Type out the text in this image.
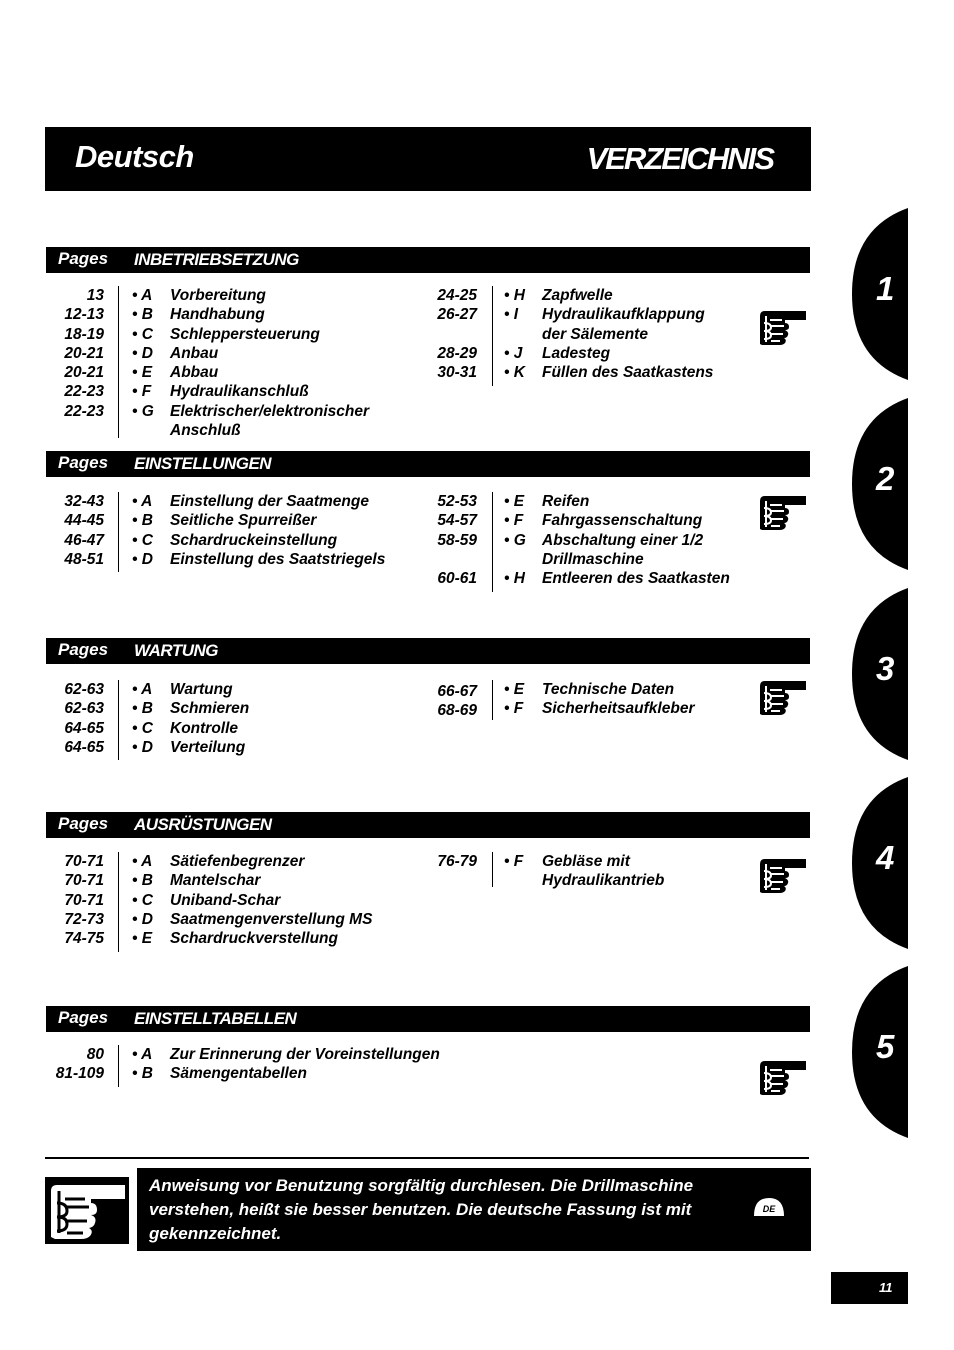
Deutsch	VERZEICHNIS
Pages INBETRIEBSETZUNG
13
12-13
18-19
20-21
20-21
22-23
22-23
• A Vorbereitung
• B Handhabung
• C Schleppersteuerung
• D Anbau
• E Abbau
• F Hydraulikanschluß
• G Elektrischer/elektronischer
Anschluß
24-25
26-27
28-29
30-31
• H Zapfwelle
• I Hydraulikaufklappung
der Sälemente
• J Ladesteg
• K Füllen des Saatkastens
Pages EINSTELLUNGEN
32-43
44-45
46-47
48-51
• A Einstellung der Saatmenge
• B Seitliche Spurreißer
• C Schardruckeinstellung
• D Einstellung des Saatstriegels
52-53
54-57
58-59
60-61
• E Reifen
• F Fahrgassenschaltung
• G Abschaltung einer 1/2
Drillmaschine
• H Entleeren des Saatkasten
Pages WARTUNG
62-63
62-63
64-65
64-65
• A Wartung
• B Schmieren
• C Kontrolle
• D Verteilung
66-67
68-69
• E Technische Daten
• F Sicherheitsaufkleber
Pages AUSRÜSTUNGEN
70-71
70-71
70-71
72-73
74-75
• A Sätiefenbegrenzer
• B Mantelschar
• C Uniband-Schar
• D Saatmengenverstellung MS
• E Schardruckverstellung
76-79 • F Gebläse mit
Hydraulikantrieb
Pages EINSTELLTABELLEN
80
81-109
• A Zur Erinnerung der Voreinstellungen
• B Sämengentabellen
1
2
3
4
5

Anweisung vor Benutzung sorgfältig durchlesen. Die Drillmaschine verstehen, heißt sie besser benutzen. Die deutsche Fassung ist mit gekennzeichnet.

DE
11
